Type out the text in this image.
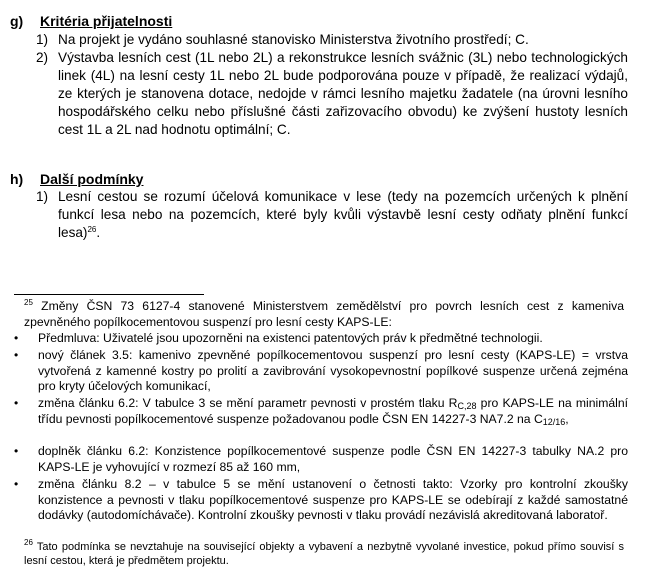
g) Kritéria přijatelnosti
1) Na projekt je vydáno souhlasné stanovisko Ministerstva životního prostředí; C.
2) Výstavba lesních cest (1L nebo 2L) a rekonstrukce lesních svážnic (3L) nebo technologických linek (4L) na lesní cesty 1L nebo 2L bude podporována pouze v případě, že realizací výdajů, ze kterých je stanovena dotace, nedojde v rámci lesního majetku žadatele (na úrovni lesního hospodářského celku nebo příslušné části zařizovacího obvodu) ke zvýšení hustoty lesních cest 1L a 2L nad hodnotu optimální; C.
h) Další podmínky
1) Lesní cestou se rozumí účelová komunikace v lese (tedy na pozemcích určených k plnění funkcí lesa nebo na pozemcích, které byly kvůli výstavbě lesní cesty odňaty plnění funkcí lesa)$^{26}$.
$^{25}$ Změny ČSN 73 6127-4 stanovené Ministerstvem zemědělství pro povrch lesních cest z kameniva zpevněného popílkocementovou suspenzí pro lesní cesty KAPS-LE:
• Předmluva: Uživatelé jsou upozorněni na existenci patentových práv k předmětné technologii.
• nový článek 3.5: kamenivo zpevněné popílkocementovou suspenzí pro lesní cesty (KAPS-LE) = vrstva vytvořená z kamenné kostry po prolití a zavibrování vysokopevnostní popílkové suspenze určená zejména pro kryty účelových komunikací,
• změna článku 6.2: V tabulce 3 se mění parametr pevnosti v prostém tlaku $R_{C,28}$ pro KAPS-LE na minimální třídu pevnosti popílkocementové suspenze požadovanou podle ČSN EN 14227-3 NA7.2 na $C_{12/16}$,
• doplněk článku 6.2: Konzistence popílkocementové suspenze podle ČSN EN 14227-3 tabulky NA.2 pro KAPS-LE je vyhovující v rozmezí 85 až 160 mm,
• změna článku 8.2 – v tabulce 5 se mění ustanovení o četnosti takto: Vzorky pro kontrolní zkoušky konzistence a pevnosti v tlaku popílkocementové suspenze pro KAPS-LE se odebírají z každé samostatné dodávky (autodomíchávače). Kontrolní zkoušky pevnosti v tlaku provádí nezávislá akreditovaná laboratoř.
$^{26}$ Tato podmínka se nevztahuje na související objekty a vybavení a nezbytně vyvolané investice, pokud přímo souvisí s lesní cestou, která je předmětem projektu.
